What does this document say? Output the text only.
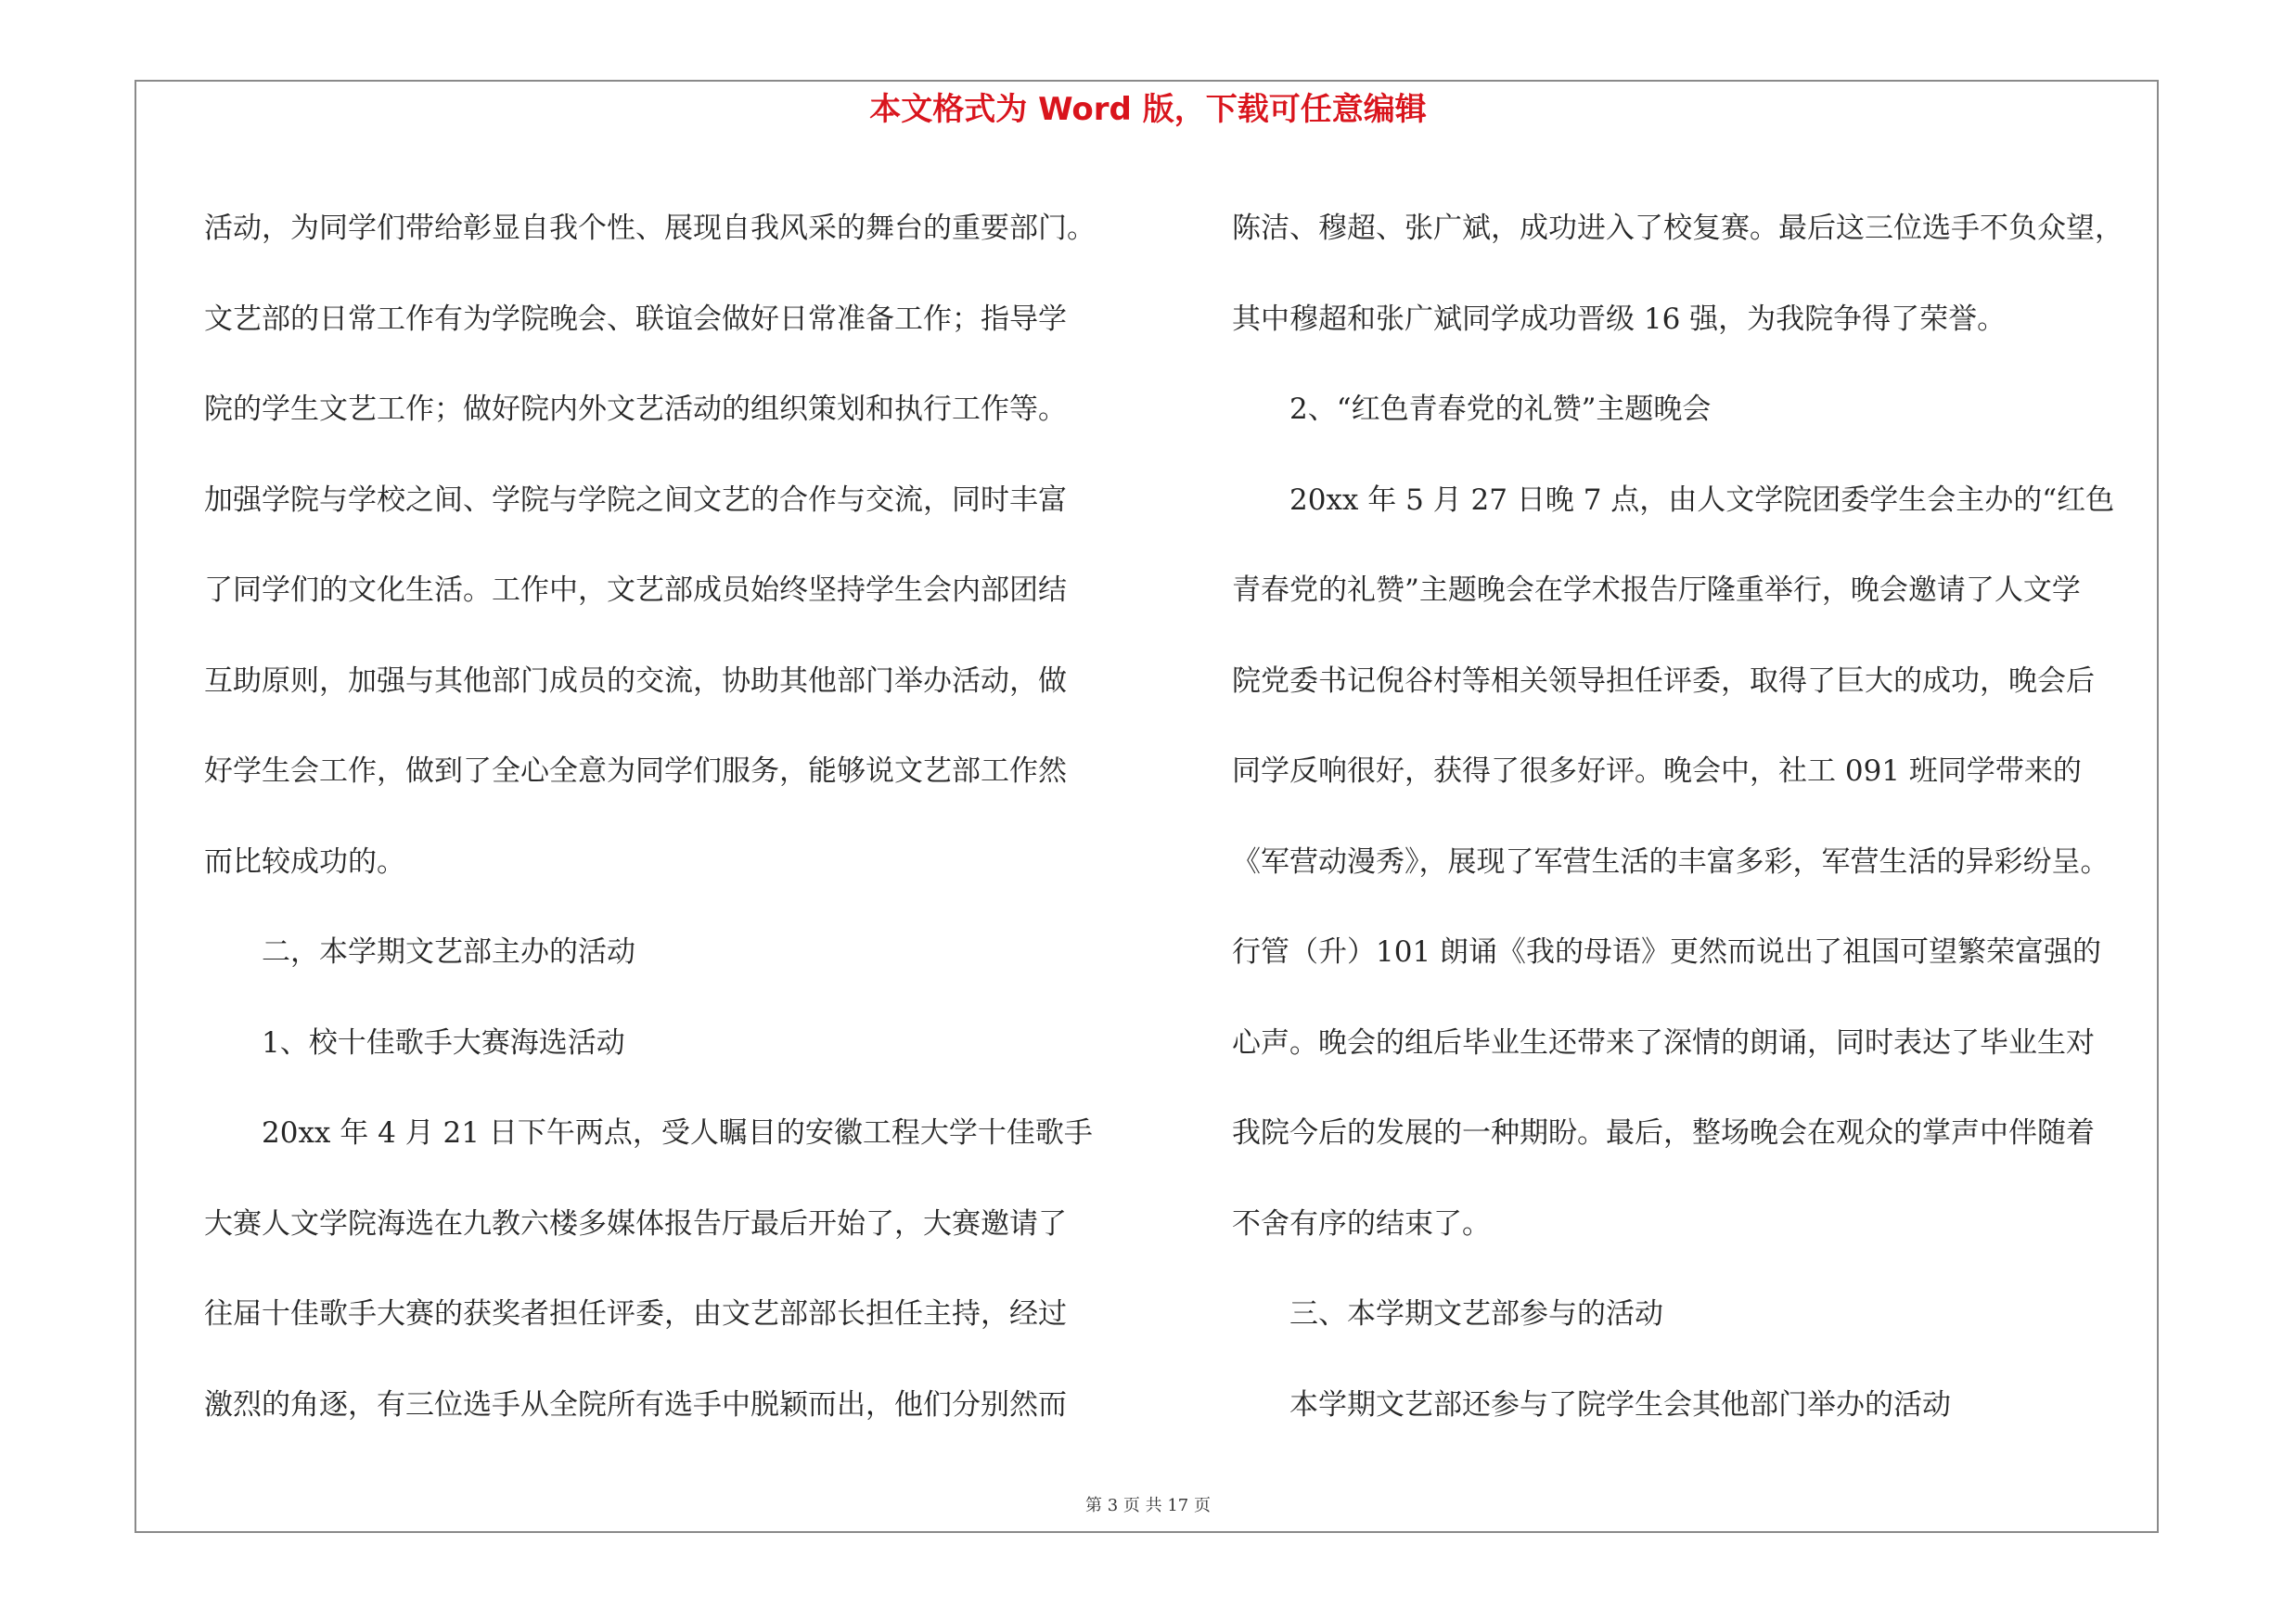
本文格式为 Word 版，下载可任意编辑
活动，为同学们带给彰显自我个性、展现自我风采的舞台的重要部门。
文艺部的日常工作有为学院晚会、联谊会做好日常准备工作；指导学
院的学生文艺工作；做好院内外文艺活动的组织策划和执行工作等。
加强学院与学校之间、学院与学院之间文艺的合作与交流，同时丰富
了同学们的文化生活。工作中，文艺部成员始终坚持学生会内部团结
互助原则，加强与其他部门成员的交流，协助其他部门举办活动，做
好学生会工作，做到了全心全意为同学们服务，能够说文艺部工作然
而比较成功的。
　　二，本学期文艺部主办的活动
　　1、校十佳歌手大赛海选活动
　　20xx 年 4 月 21 日下午两点，受人瞩目的安徽工程大学十佳歌手
大赛人文学院海选在九教六楼多媒体报告厅最后开始了，大赛邀请了
往届十佳歌手大赛的获奖者担任评委，由文艺部部长担任主持，经过
激烈的角逐，有三位选手从全院所有选手中脱颖而出，他们分别然而
陈洁、穆超、张广斌，成功进入了校复赛。最后这三位选手不负众望，
其中穆超和张广斌同学成功晋级 16 强，为我院争得了荣誉。
　　2、“红色青春党的礼赞”主题晚会
　　20xx 年 5 月 27 日晚 7 点，由人文学院团委学生会主办的“红色
青春党的礼赞”主题晚会在学术报告厅隆重举行，晚会邀请了人文学
院党委书记倪谷村等相关领导担任评委，取得了巨大的成功，晚会后
同学反响很好，获得了很多好评。晚会中，社工 091 班同学带来的
《军营动漫秀》，展现了军营生活的丰富多彩，军营生活的异彩纷呈。
行管（升）101 朗诵《我的母语》更然而说出了祖国可望繁荣富强的
心声。晚会的组后毕业生还带来了深情的朗诵，同时表达了毕业生对
我院今后的发展的一种期盼。最后，整场晚会在观众的掌声中伴随着
不舍有序的结束了。
　　三、本学期文艺部参与的活动
　　本学期文艺部还参与了院学生会其他部门举办的活动
第 3 页 共 17 页
